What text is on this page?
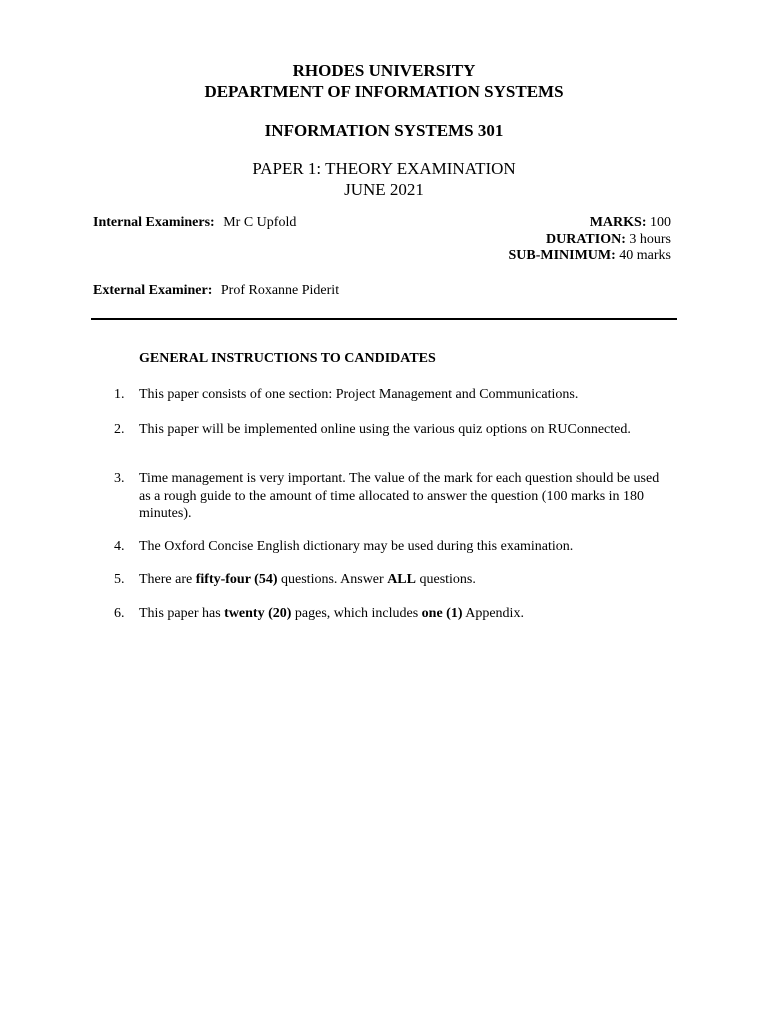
RHODES UNIVERSITY
DEPARTMENT OF INFORMATION SYSTEMS
INFORMATION SYSTEMS 301
PAPER 1: THEORY EXAMINATION
JUNE 2021
Internal Examiners: Mr C Upfold	MARKS: 100
DURATION: 3 hours
SUB-MINIMUM: 40 marks
External Examiner: Prof Roxanne Piderit
GENERAL INSTRUCTIONS TO CANDIDATES
1. This paper consists of one section: Project Management and Communications.
2. This paper will be implemented online using the various quiz options on RUConnected.
3. Time management is very important. The value of the mark for each question should be used as a rough guide to the amount of time allocated to answer the question (100 marks in 180 minutes).
4. The Oxford Concise English dictionary may be used during this examination.
5. There are fifty-four (54) questions. Answer ALL questions.
6. This paper has twenty (20) pages, which includes one (1) Appendix.
